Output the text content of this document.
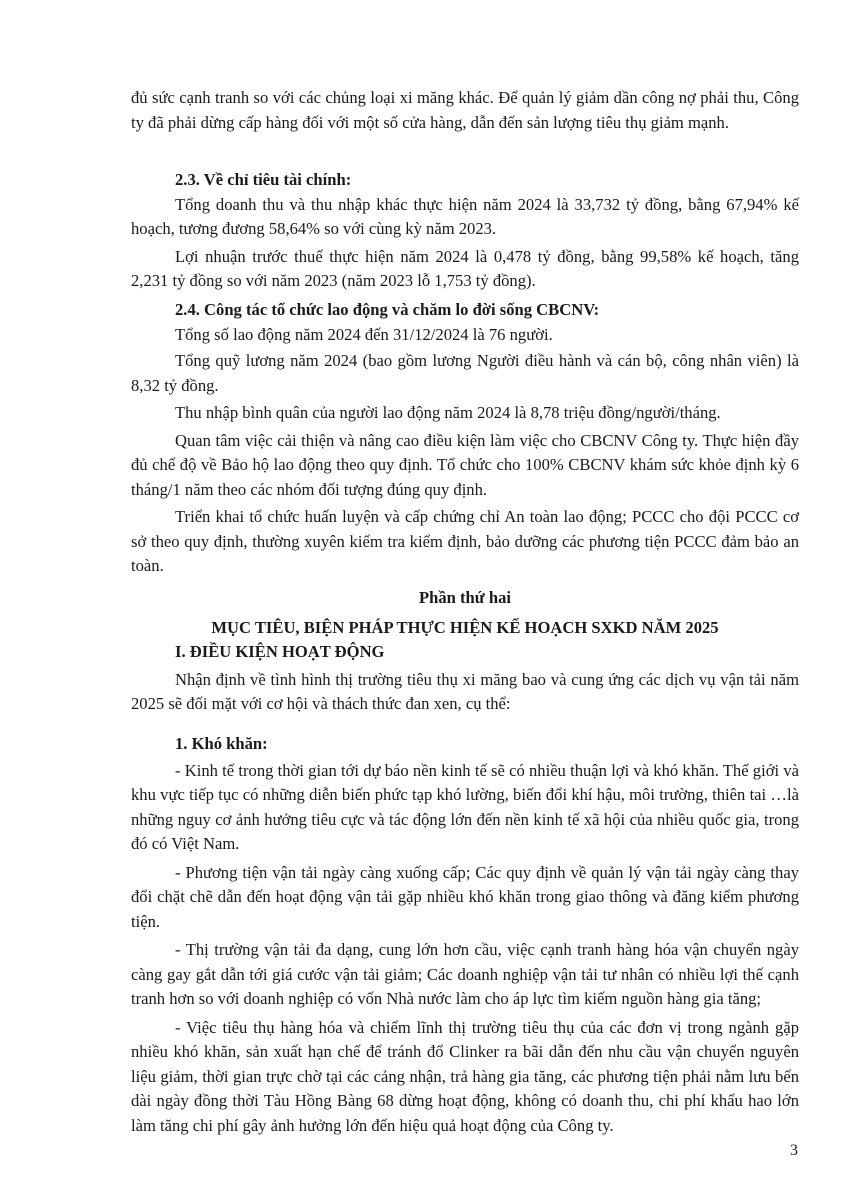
đủ sức cạnh tranh so với các chủng loại xi măng khác. Để quản lý giảm dần công nợ phải thu, Công ty đã phải dừng cấp hàng đối với một số cửa hàng, dẫn đến sản lượng tiêu thụ giảm mạnh.

2.3. Về chỉ tiêu tài chính:

Tổng doanh thu và thu nhập khác thực hiện năm 2024 là 33,732 tỷ đồng, bằng 67,94% kế hoạch, tương đương 58,64% so với cùng kỳ năm 2023.

Lợi nhuận trước thuế thực hiện năm 2024 là 0,478 tỷ đồng, bằng 99,58% kế hoạch, tăng 2,231 tỷ đồng so với năm 2023 (năm 2023 lỗ 1,753 tỷ đồng).

2.4. Công tác tổ chức lao động và chăm lo đời sống CBCNV:

Tổng số lao động năm 2024 đến 31/12/2024 là 76 người.

Tổng quỹ lương năm 2024 (bao gồm lương Người điều hành và cán bộ, công nhân viên) là 8,32 tỷ đồng.

Thu nhập bình quân của người lao động năm 2024 là 8,78 triệu đồng/người/tháng.

Quan tâm việc cải thiện và nâng cao điều kiện làm việc cho CBCNV Công ty. Thực hiện đầy đủ chế độ về Bảo hộ lao động theo quy định. Tổ chức cho 100% CBCNV khám sức khỏe định kỳ 6 tháng/1 năm theo các nhóm đối tượng đúng quy định.

Triển khai tổ chức huấn luyện và cấp chứng chỉ An toàn lao động; PCCC cho đội PCCC cơ sở theo quy định, thường xuyên kiểm tra kiểm định, bảo dưỡng các phương tiện PCCC đảm bảo an toàn.

Phần thứ hai

MỤC TIÊU, BIỆN PHÁP THỰC HIỆN KẾ HOẠCH SXKD NĂM 2025

I. ĐIỀU KIỆN HOẠT ĐỘNG

Nhận định về tình hình thị trường tiêu thụ xi măng bao và cung ứng các dịch vụ vận tải năm 2025 sẽ đối mặt với cơ hội và thách thức đan xen, cụ thể:

1. Khó khăn:

- Kinh tế trong thời gian tới dự báo nền kinh tế sẽ có nhiều thuận lợi và khó khăn. Thế giới và khu vực tiếp tục có những diễn biến phức tạp khó lường, biến đổi khí hậu, môi trường, thiên tai …là những nguy cơ ảnh hưởng tiêu cực và tác động lớn đến nền kinh tế xã hội của nhiều quốc gia, trong đó có Việt Nam.

- Phương tiện vận tải ngày càng xuống cấp; Các quy định về quản lý vận tải ngày càng thay đổi chặt chẽ dẫn đến hoạt động vận tải gặp nhiều khó khăn trong giao thông và đăng kiểm phương tiện.

- Thị trường vận tải đa dạng, cung lớn hơn cầu, việc cạnh tranh hàng hóa vận chuyển ngày càng gay gắt dẫn tới giá cước vận tải giảm; Các doanh nghiệp vận tải tư nhân có nhiều lợi thế cạnh tranh hơn so với doanh nghiệp có vốn Nhà nước làm cho áp lực tìm kiếm nguồn hàng gia tăng;

- Việc tiêu thụ hàng hóa và chiếm lĩnh thị trường tiêu thụ của các đơn vị trong ngành gặp nhiều khó khăn, sản xuất hạn chế để tránh đổ Clinker ra bãi dẫn đến nhu cầu vận chuyển nguyên liệu giảm, thời gian trực chờ tại các cảng nhận, trả hàng gia tăng, các phương tiện phải nằm lưu bến dài ngày đồng thời Tàu Hồng Bàng 68 dừng hoạt động, không có doanh thu, chi phí khấu hao lớn làm tăng chi phí gây ảnh hưởng lớn đến hiệu quả hoạt động của Công ty.

3
